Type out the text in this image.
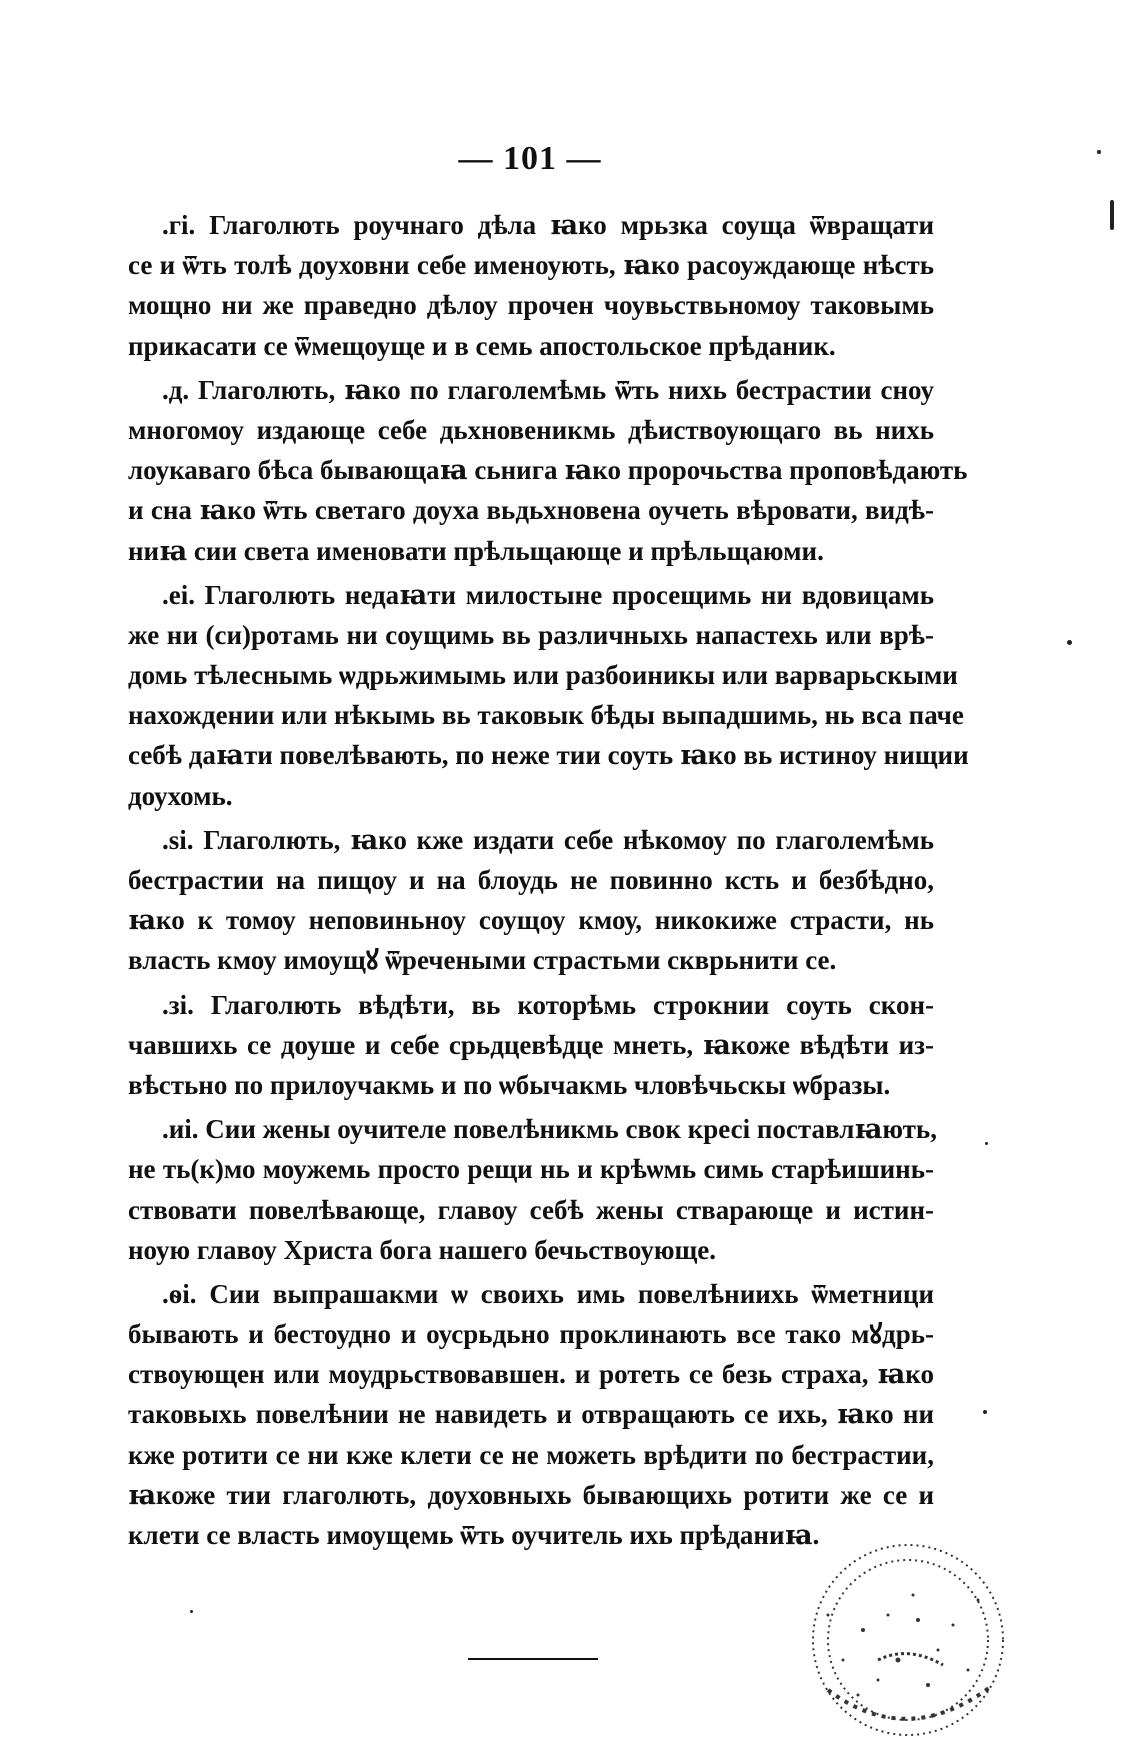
— 101 —
.гі. Глаголють роучнаго дѣла ꙗко мрьзка соуща ѿвращати
се и ѿть толѣ доуховни себе именоують, ꙗко расоуждающе нѣсть
мощно ни же праведно дѣлоу прочен чоувьствьномоу таковымь
прикасати се ѿмещоуще и в семь апостольское прѣданик.
.д. Глаголють, ꙗко по глаголемѣмь ѿть нихь бестрастии сноу
многомоу издающе себе дьхновеникмь дѣиствоующаго вь нихь
лоукаваго бѣса бывающаꙗ сьнига ꙗко пророчьства проповѣдають
и сна ꙗко ѿть светаго доуха вьдьхновена оучеть вѣровати, видѣ-
ниꙗ сии света именовати прѣльщающе и прѣльщаюми.
.еі. Глаголють недаꙗти милостыне просещимь ни вдовицамь
же ни (си)ротамь ни соущимь вь различныхь напастехь или врѣ-
домь тѣлеснымь ѡдрьжимымь или разбоиникы или варварьскыми
нахождении или нѣкымь вь таковык бѣды выпадшимь, нь вса паче
себѣ даꙗти повелѣвають, по неже тии соуть ꙗко вь истиноу нищии
доухомь.
.ѕі. Глаголють, ꙗко кже издати себе нѣкомоу по глаголемѣмь
бестрастии на пищоу и на блоудь не повинно ксть и безбѣдно,
ꙗко к томоу неповиньноу соущоу кмоу, никокиже страсти, нь
власть кмоу имоущꙋ ѿречеными страстьми скврьнити се.
.зі. Глаголють вѣдѣти, вь которѣмь строкнии соуть скон-
чавшихь се доуше и себе срьдцевѣдце мнеть, ꙗкоже вѣдѣти из-
вѣстьно по прилоучакмь и по ѡбычакмь чловѣчьскы ѡбразы.
.иі. Сии жены оучителе повелѣникмь свок кресі поставлꙗють,
не ть(к)мо моужемь просто рещи нь и крѣѡмь симь старѣишинь-
ствовати повелѣвающе, главоу себѣ жены стварающе и истин-
ноую главоу Христа бога нашего бечьствоующе.
.ѳі. Сии выпрашакми ѡ своихь имь повелѣниихь ѿметници
бывають и бестоудно и оусрьдьно проклинають все тако мꙋдрь-
ствоующен или моудрьствовавшен. и ротеть се безь страха, ꙗко
таковыхь повелѣнии не навидеть и отвращають се ихь, ꙗко ни
кже ротити се ни кже клети се не можеть врѣдити по бестрастии,
ꙗкоже тии глаголють, доуховныхь бывающихь ротити же се и
клети се власть имоущемь ѿть оучитель ихь прѣданиꙗ.
